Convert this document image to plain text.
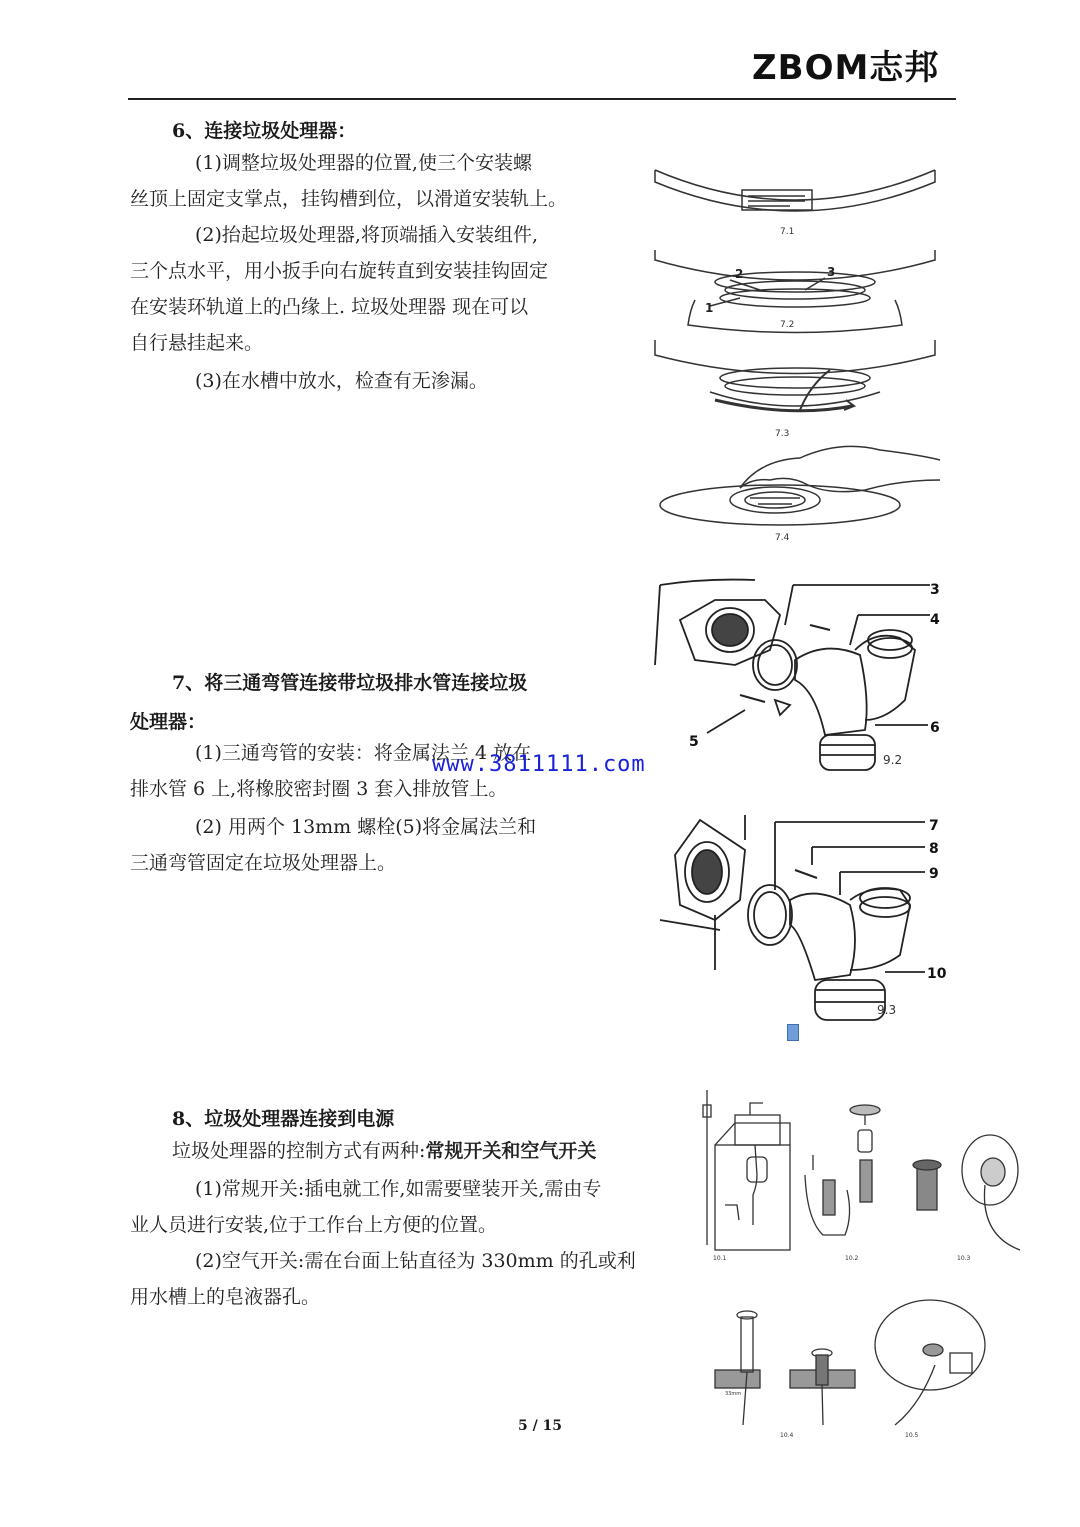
ZBOM志邦
6、连接垃圾处理器：
(1)调整垃圾处理器的位置,使三个安装螺
丝顶上固定支掌点，挂钩槽到位，以滑道安装轨上。
(2)抬起垃圾处理器,将顶端插入安装组件,
三个点水平，用小扳手向右旋转直到安装挂钩固定
在安装环轨道上的凸缘上. 垃圾处理器 现在可以
自行悬挂起来。
(3)在水槽中放水，检查有无渗漏。
7.1
2	3
1
7.2
7.3
7.4
7、将三通弯管连接带垃圾排水管连接垃圾
处理器：
(1)三通弯管的安装：将金属法兰 4 放在
排水管 6 上,将橡胶密封圈 3 套入排放管上。
(2) 用两个 13mm 螺栓(5)将金属法兰和
三通弯管固定在垃圾处理器上。
3
4
5
6
9.2
www.3811111.com
7
8
9
10
9.3
8、垃圾处理器连接到电源
垃圾处理器的控制方式有两种:常规开关和空气开关
(1)常规开关:插电就工作,如需要壁装开关,需由专
业人员进行安装,位于工作台上方便的位置。
(2)空气开关:需在台面上钻直径为 330mm 的孔或利
用水槽上的皂液器孔。
10.1	10.2	10.3
33mm
10.4	10.5
5 / 15
